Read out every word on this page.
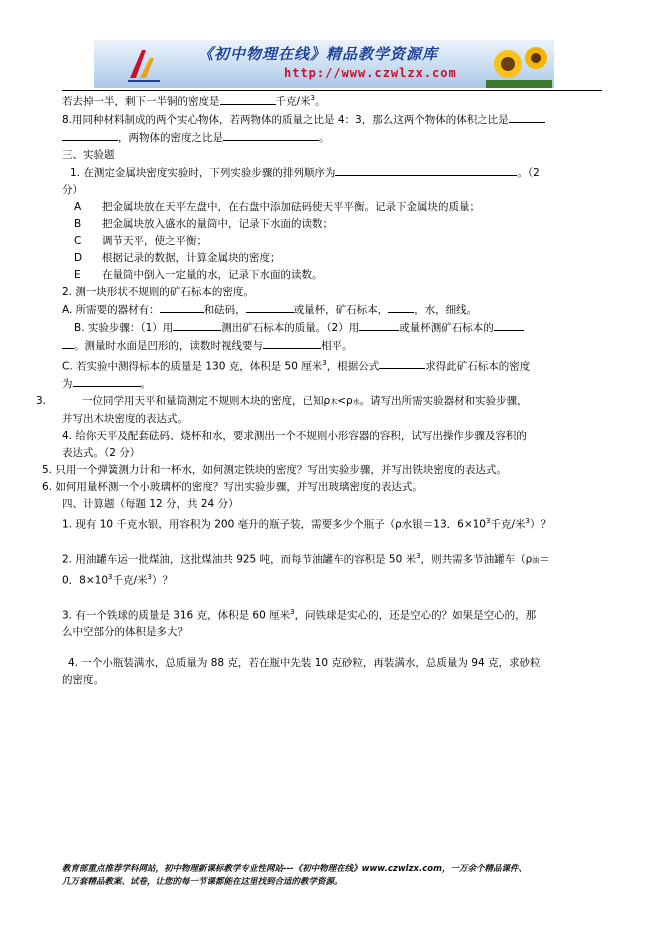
《初中物理在线》精品教学资源库
http://www.czwlzx.com
若去掉一半，剩下一半铜的密度是	千克/米$^3$。
8.用同种材料制成的两个实心物体，若两物体的质量之比是 4：3，那么这两个物体的体积之比是
，两物体的密度之比是	。
三、实验题
1. 在测定金属块密度实验时，下列实验步骤的排列顺序为	。（2
分）
A	把金属块放在天平左盘中，在右盘中添加砝码使天平平衡。记录下金属块的质量；
B	把金属块放入盛水的量筒中，记录下水面的读数；
C	调节天平，使之平衡；
D	根据记录的数据，计算金属块的密度；
E	在量筒中倒入一定量的水，记录下水面的读数。
2. 测一块形状不规则的矿石标本的密度。
A. 所需要的器材有：	和砝码，	或量杯，矿石标本， ，水，细线。
B. 实验步骤：（1）用	测出矿石标本的质量。（2）用	或量杯测矿石标本的
。测量时水面是凹形的，读数时视线要与	相平。
C. 若实验中测得标本的质量是 130 克，体积是 50 厘米$^3$，根据公式	求得此矿石标本的密度
为	。
3.	一位同学用天平和量筒测定不规则木块的密度，已知ρ木<ρ水。请写出所需实验器材和实验步骤，
并写出木块密度的表达式。
4. 给你天平及配套砝码、烧杯和水，要求测出一个不规则小形容器的容积，试写出操作步骤及容积的
表达式。（2 分）
5. 只用一个弹簧测力计和一杯水，如何测定铁块的密度？写出实验步骤，并写出铁块密度的表达式。
6. 如何用量杯测一个小玻璃杯的密度？写出实验步骤，并写出玻璃密度的表达式。
四、计算题（每题 12 分，共 24 分）
1. 现有 10 千克水银，用容积为 200 毫升的瓶子装，需要多少个瓶子（ρ水银＝13．$6\times 10^3$千克/米$^3$）？
2. 用油罐车运一批煤油，这批煤油共 925 吨，而每节油罐车的容积是 50 米$^3$，则共需多节油罐车（ρ油＝
0．$8\times 10^3$千克/米$^3$）？
3. 有一个铁球的质量是 316 克，体积是 60 厘米$^3$，问铁球是实心的，还是空心的？如果是空心的，那
么中空部分的体积是多大？
4. 一个小瓶装满水，总质量为 88 克，若在瓶中先装 10 克砂粒，再装满水，总质量为 94 克，求砂粒
的密度。
教育部重点推荐学科网站，初中物理新课标教学专业性网站---《初中物理在线》www.czwlzx.com，一万余个精品课件、
几万套精品教案、试卷，让您的每一节课都能在这里找到合适的教学资源。
